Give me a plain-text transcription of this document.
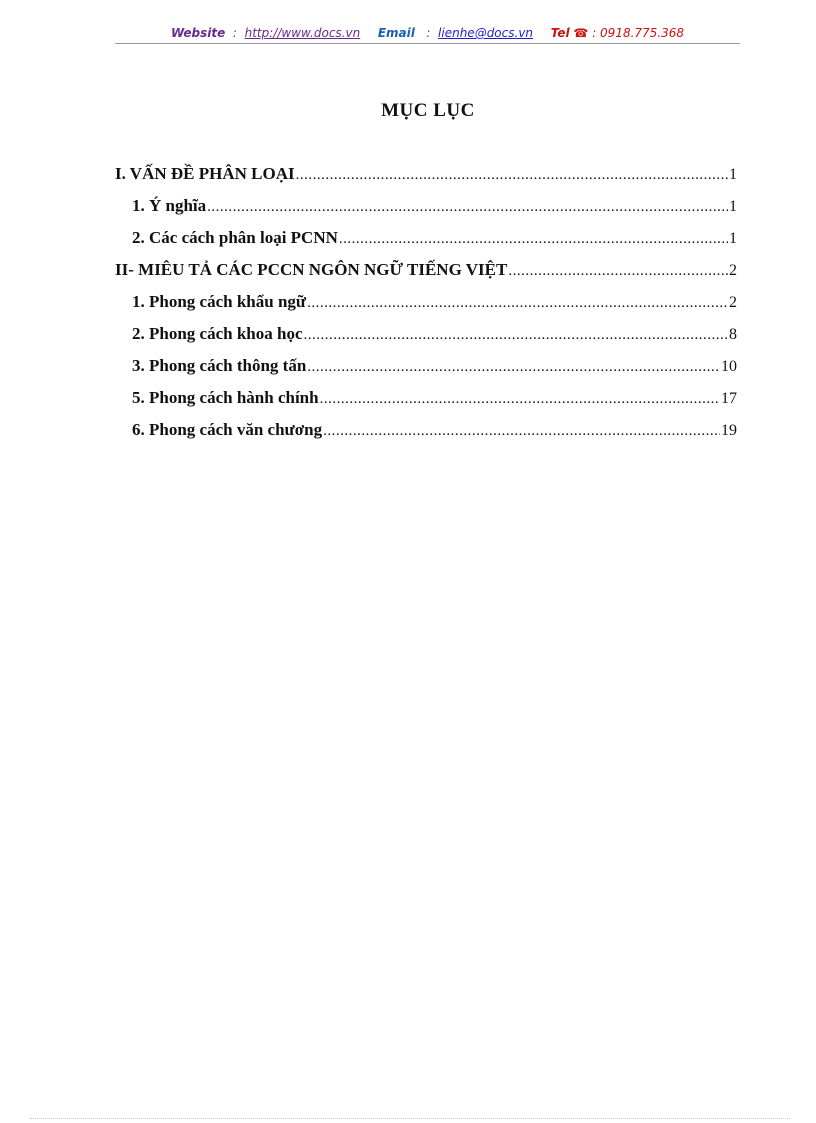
Website  :  http://www.docs.vn Email   :  lienhe@docs.vn Tel ☎ : 0918.775.368
MỤC LỤC
I. VẤN ĐỀ PHÂN LOẠI .....	1
1. Ý nghĩa .....	1
2. Các cách phân loại PCNN .....	1
II- MIÊU TẢ CÁC PCCN NGÔN NGỮ TIẾNG VIỆT .....	2
1. Phong cách khẩu ngữ .....	2
2. Phong cách khoa học .....	8
3. Phong cách thông tấn .....	10
5. Phong cách hành chính .....	17
6. Phong cách văn chương .....	19
